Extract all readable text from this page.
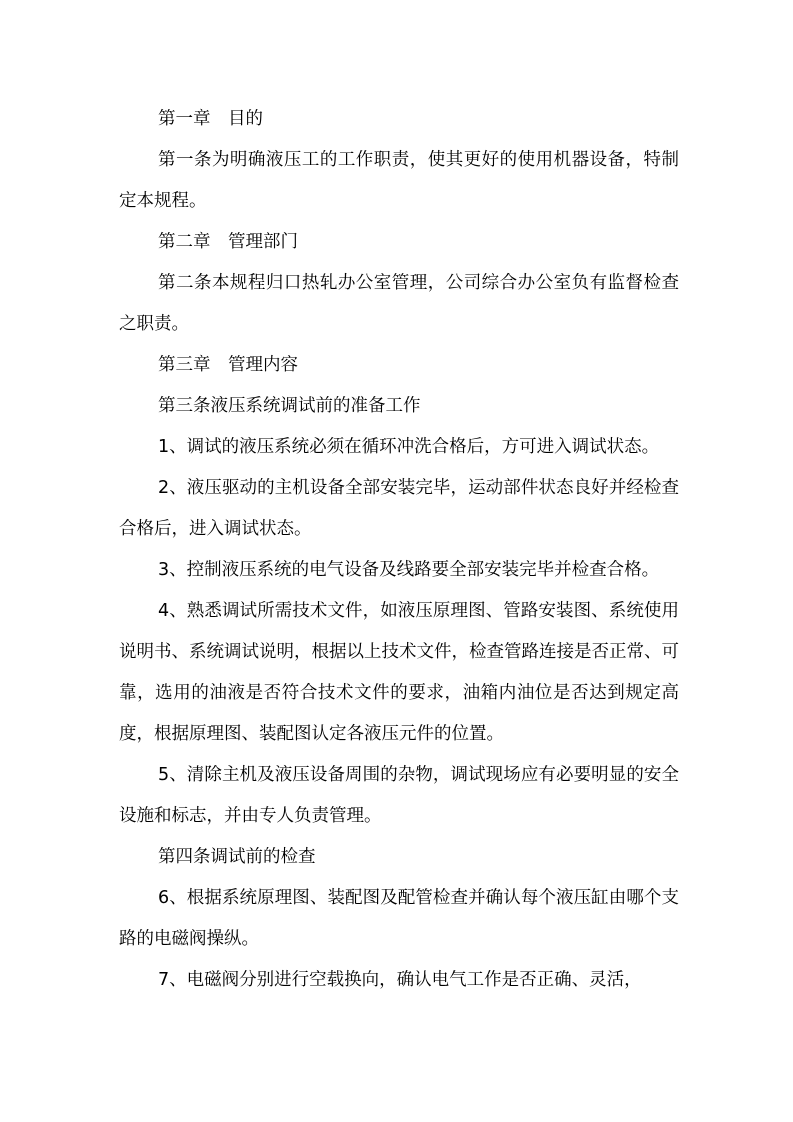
第一章　目的

第一条为明确液压工的工作职责，使其更好的使用机器设备，特制定本规程。

第二章　管理部门

第二条本规程归口热轧办公室管理，公司综合办公室负有监督检查之职责。

第三章　管理内容

第三条液压系统调试前的准备工作

1、调试的液压系统必须在循环冲洗合格后，方可进入调试状态。

2、液压驱动的主机设备全部安装完毕，运动部件状态良好并经检查合格后，进入调试状态。

3、控制液压系统的电气设备及线路要全部安装完毕并检查合格。

4、熟悉调试所需技术文件，如液压原理图、管路安装图、系统使用说明书、系统调试说明，根据以上技术文件，检查管路连接是否正常、可靠，选用的油液是否符合技术文件的要求，油箱内油位是否达到规定高度，根据原理图、装配图认定各液压元件的位置。

5、清除主机及液压设备周围的杂物，调试现场应有必要明显的安全设施和标志，并由专人负责管理。

第四条调试前的检查

6、根据系统原理图、装配图及配管检查并确认每个液压缸由哪个支路的电磁阀操纵。

7、电磁阀分别进行空载换向，确认电气工作是否正确、灵活，
